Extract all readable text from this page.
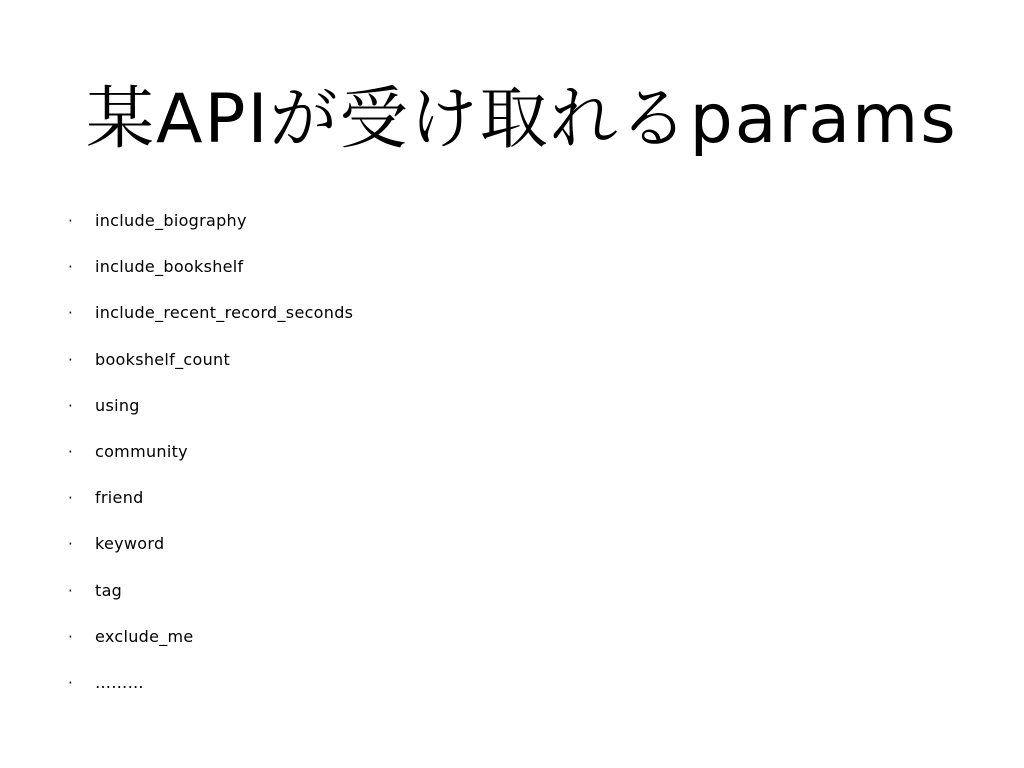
某APIが受け取れるparams
·	include_biography
·	include_bookshelf
·	include_recent_record_seconds
·	bookshelf_count
·	using
·	community
·	friend
·	keyword
·	tag
·	exclude_me
·	………
